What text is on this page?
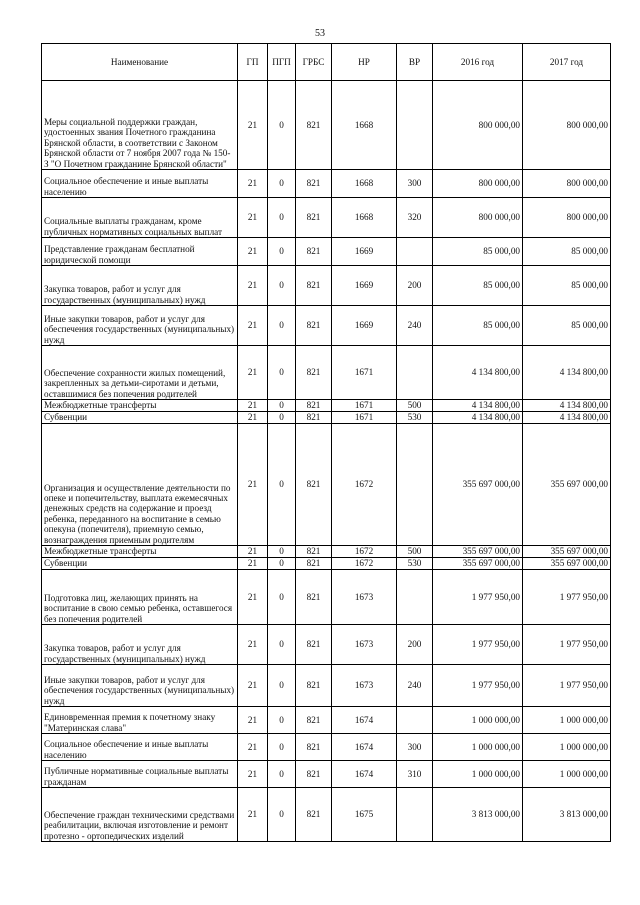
53
Наименование	ГП	ПГП	ГРБС	НР	ВР	2016 год	2017 год
Меры социальной поддержки граждан, удостоенных звания Почетного гражданина Брянской области, в соответствии с Законом Брянской области от 7 ноября 2007 года № 150-З "О Почетном гражданине Брянской области"	21	0	821	1668		800 000,00	800 000,00
Социальное обеспечение и иные выплаты населению	21	0	821	1668	300	800 000,00	800 000,00
Социальные выплаты гражданам, кроме публичных нормативных социальных выплат	21	0	821	1668	320	800 000,00	800 000,00
Представление гражданам бесплатной юридической помощи	21	0	821	1669		85 000,00	85 000,00
Закупка товаров, работ и услуг для государственных (муниципальных) нужд	21	0	821	1669	200	85 000,00	85 000,00
Иные закупки товаров, работ и услуг для обеспечения государственных (муниципальных) нужд	21	0	821	1669	240	85 000,00	85 000,00
Обеспечение сохранности жилых помещений, закрепленных за детьми-сиротами и детьми, оставшимися без попечения родителей	21	0	821	1671		4 134 800,00	4 134 800,00
Межбюджетные трансферты	21	0	821	1671	500	4 134 800,00	4 134 800,00
Субвенции	21	0	821	1671	530	4 134 800,00	4 134 800,00
Организация и осуществление деятельности по опеке и попечительству, выплата ежемесячных денежных средств на содержание и проезд ребенка, переданного на воспитание в семью опекуна (попечителя), приемную семью, вознаграждения приемным родителям	21	0	821	1672		355 697 000,00	355 697 000,00
Межбюджетные трансферты	21	0	821	1672	500	355 697 000,00	355 697 000,00
Субвенции	21	0	821	1672	530	355 697 000,00	355 697 000,00
Подготовка лиц, желающих принять на воспитание в свою семью ребенка, оставшегося без попечения родителей	21	0	821	1673		1 977 950,00	1 977 950,00
Закупка товаров, работ и услуг для государственных (муниципальных) нужд	21	0	821	1673	200	1 977 950,00	1 977 950,00
Иные закупки товаров, работ и услуг для обеспечения государственных (муниципальных) нужд	21	0	821	1673	240	1 977 950,00	1 977 950,00
Единовременная премия к почетному знаку "Материнская слава"	21	0	821	1674		1 000 000,00	1 000 000,00
Социальное обеспечение и иные выплаты населению	21	0	821	1674	300	1 000 000,00	1 000 000,00
Публичные нормативные социальные выплаты гражданам	21	0	821	1674	310	1 000 000,00	1 000 000,00
Обеспечение граждан техническими средствами реабилитации, включая изготовление и ремонт протезно - ортопедических изделий	21	0	821	1675		3 813 000,00	3 813 000,00
